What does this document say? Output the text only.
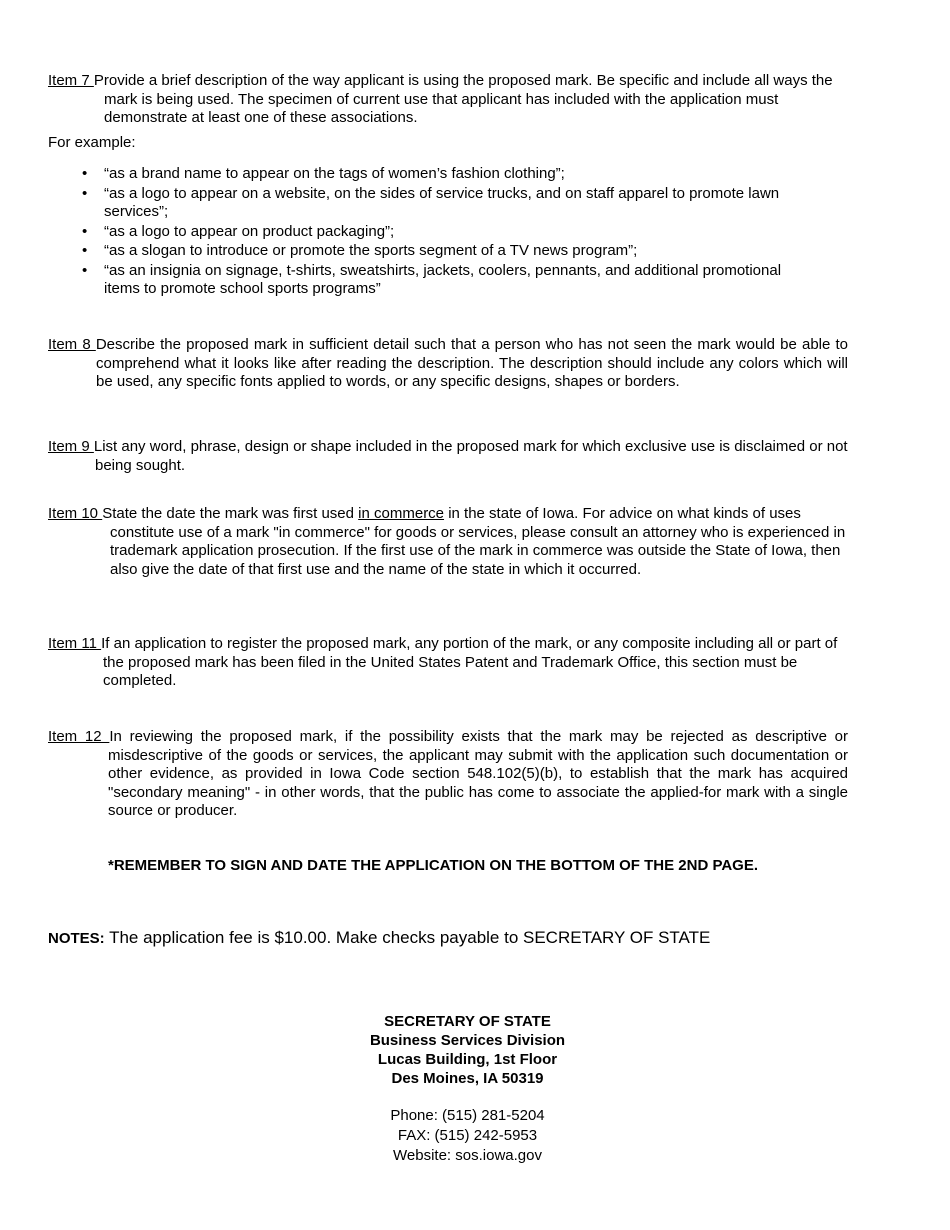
Item 7 Provide a brief description of the way applicant is using the proposed mark. Be specific and include all ways the mark is being used. The specimen of current use that applicant has included with the application must demonstrate at least one of these associations.

For example:
• “as a brand name to appear on the tags of women’s fashion clothing”;
• “as a logo to appear on a website, on the sides of service trucks, and on staff apparel to promote lawn services”;
• “as a logo to appear on product packaging”;
• “as a slogan to introduce or promote the sports segment of a TV news program”;
• “as an insignia on signage, t-shirts, sweatshirts, jackets, coolers, pennants, and additional promotional items to promote school sports programs”

Item 8 Describe the proposed mark in sufficient detail such that a person who has not seen the mark would be able to comprehend what it looks like after reading the description. The description should include any colors which will be used, any specific fonts applied to words, or any specific designs, shapes or borders.

Item 9 List any word, phrase, design or shape included in the proposed mark for which exclusive use is disclaimed or not being sought.

Item 10 State the date the mark was first used in commerce in the state of Iowa. For advice on what kinds of uses constitute use of a mark "in commerce" for goods or services, please consult an attorney who is experienced in trademark application prosecution. If the first use of the mark in commerce was outside the State of Iowa, then also give the date of that first use and the name of the state in which it occurred.

Item 11 If an application to register the proposed mark, any portion of the mark, or any composite including all or part of the proposed mark has been filed in the United States Patent and Trademark Office, this section must be completed.

Item 12 In reviewing the proposed mark, if the possibility exists that the mark may be rejected as descriptive or misdescriptive of the goods or services, the applicant may submit with the application such documentation or other evidence, as provided in Iowa Code section 548.102(5)(b), to establish that the mark has acquired "secondary meaning" - in other words, that the public has come to associate the applied-for mark with a single source or producer.

*REMEMBER TO SIGN AND DATE THE APPLICATION ON THE BOTTOM OF THE 2ND PAGE.
NOTES: The application fee is $10.00. Make checks payable to SECRETARY OF STATE
SECRETARY OF STATE
Business Services Division
Lucas Building, 1st Floor
Des Moines, IA 50319
Phone: (515) 281-5204
FAX: (515) 242-5953
Website: sos.iowa.gov
